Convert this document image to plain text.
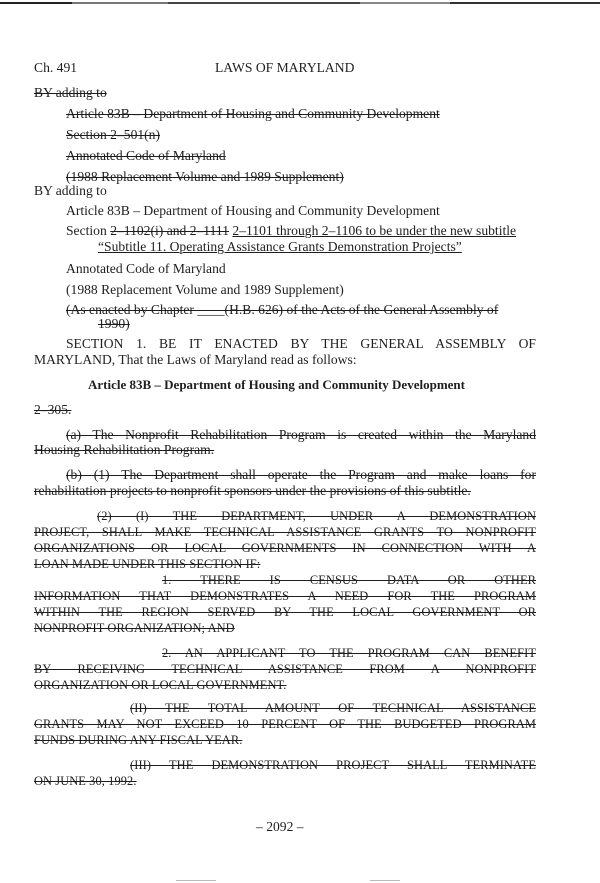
Ch. 491	LAWS OF MARYLAND
BY adding to
Article 83B – Department of Housing and Community Development
Section 2–501(n)
Annotated Code of Maryland
(1988 Replacement Volume and 1989 Supplement)
BY adding to
Article 83B – Department of Housing and Community Development
Section 2–1102(i) and 2–1111 2–1101 through 2–1106 to be under the new subtitle
“Subtitle 11. Operating Assistance Grants Demonstration Projects”
Annotated Code of Maryland
(1988 Replacement Volume and 1989 Supplement)
(As enacted by Chapter ____(H.B. 626) of the Acts of the General Assembly of
1990)
SECTION 1. BE IT ENACTED BY THE GENERAL ASSEMBLY OF
MARYLAND, That the Laws of Maryland read as follows:
Article 83B – Department of Housing and Community Development
2–305.
(a) The Nonprofit Rehabilitation Program is created within the Maryland
Housing Rehabilitation Program.
(b) (1) The Department shall operate the Program and make loans for
rehabilitation projects to nonprofit sponsors under the provisions of this subtitle.
(2) (I) THE DEPARTMENT, UNDER A DEMONSTRATION
PROJECT, SHALL MAKE TECHNICAL ASSISTANCE GRANTS TO NONPROFIT
ORGANIZATIONS OR LOCAL GOVERNMENTS IN CONNECTION WITH A
LOAN MADE UNDER THIS SECTION IF:
1. THERE IS CENSUS DATA OR OTHER
INFORMATION THAT DEMONSTRATES A NEED FOR THE PROGRAM
WITHIN THE REGION SERVED BY THE LOCAL GOVERNMENT OR
NONPROFIT ORGANIZATION; AND
2. AN APPLICANT TO THE PROGRAM CAN BENEFIT
BY RECEIVING TECHNICAL ASSISTANCE FROM A NONPROFIT
ORGANIZATION OR LOCAL GOVERNMENT.
(II) THE TOTAL AMOUNT OF TECHNICAL ASSISTANCE
GRANTS MAY NOT EXCEED 10 PERCENT OF THE BUDGETED PROGRAM
FUNDS DURING ANY FISCAL YEAR.
(III) THE DEMONSTRATION PROJECT SHALL TERMINATE
ON JUNE 30, 1992.
– 2092 –
